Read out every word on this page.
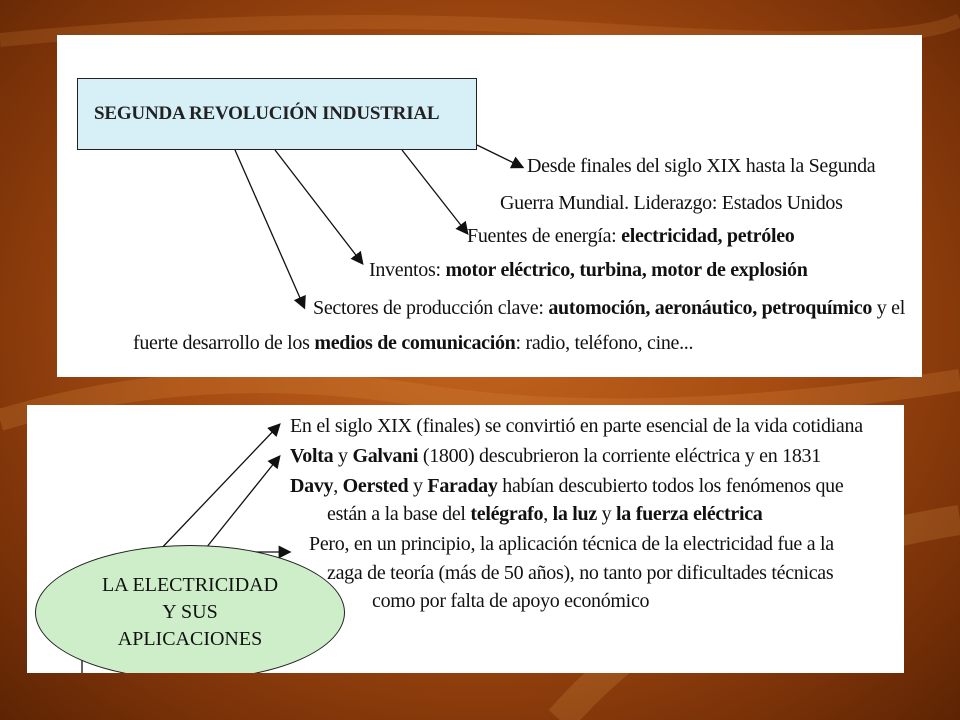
SEGUNDA REVOLUCIÓN INDUSTRIAL
Desde finales del siglo XIX hasta la Segunda
Guerra Mundial. Liderazgo: Estados Unidos
Fuentes de energía: electricidad, petróleo
Inventos: motor eléctrico, turbina, motor de explosión
Sectores de producción clave: automoción, aeronáutico, petroquímico y el
fuerte desarrollo de los medios de comunicación: radio, teléfono, cine...
LA ELECTRICIDAD
Y SUS
APLICACIONES
En el siglo XIX (finales) se convirtió en parte esencial de la vida cotidiana
Volta y Galvani (1800) descubrieron la corriente eléctrica y en 1831
Davy, Oersted y Faraday habían descubierto todos los fenómenos que
están a la base del telégrafo, la luz y la fuerza eléctrica
Pero, en un principio, la aplicación técnica de la electricidad fue a la
zaga de teoría (más de 50 años), no tanto por dificultades técnicas
como por falta de apoyo económico
